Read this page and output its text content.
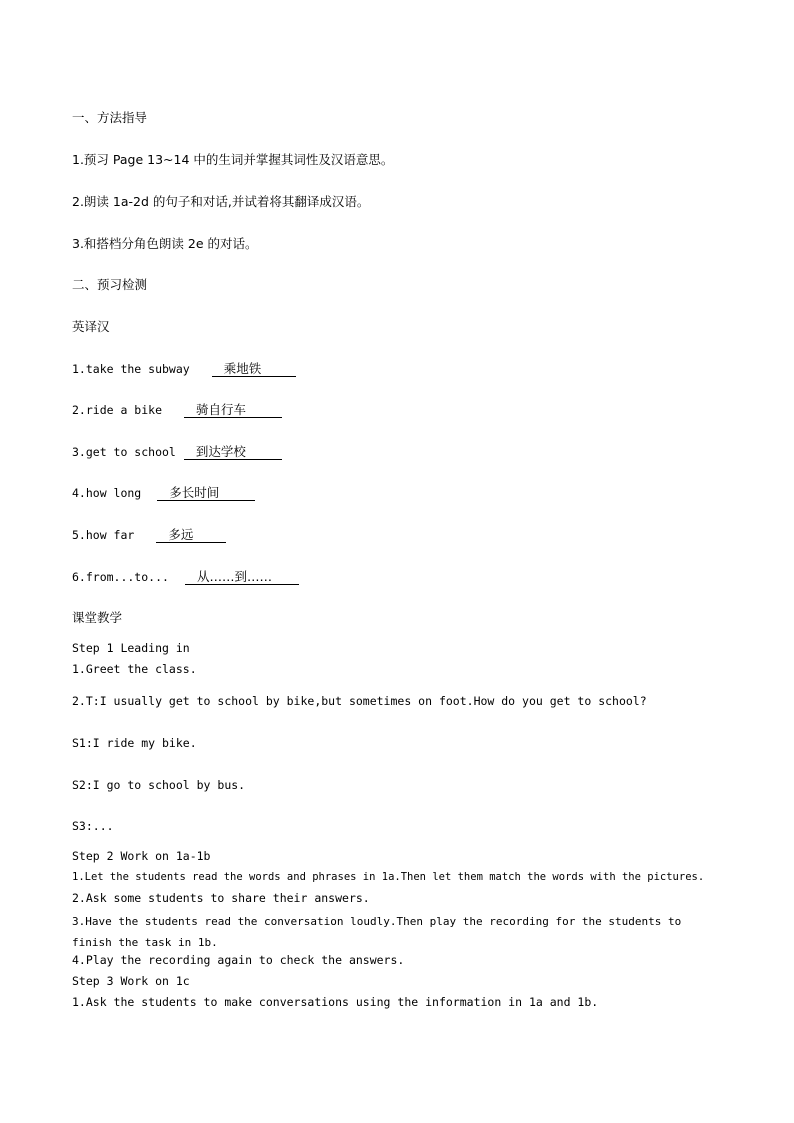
一、方法指导
1.预习 Page 13~14 中的生词并掌握其词性及汉语意思。
2.朗读 1a-2d 的句子和对话,并试着将其翻译成汉语。
3.和搭档分角色朗读 2e 的对话。
二、预习检测
英译汉
1.take the subway	乘地铁
2.ride a bike	骑自行车
3.get to school 到达学校
4.how long 多长时间
5.how far	多远
6.from...to... 从……到……
课堂教学
Step 1 Leading in
1.Greet the class.
2.T:I usually get to school by bike,but sometimes on foot.How do you get to school?
S1:I ride my bike.
S2:I go to school by bus.
S3:...
Step 2 Work on 1a-1b
1.Let the students read the words and phrases in 1a.Then let them match the words with the pictures.
2.Ask some students to share their answers.
3.Have the students read the conversation loudly.Then play the recording for the students to finish the task in 1b.
4.Play the recording again to check the answers.
Step 3 Work on 1c
1.Ask the students to make conversations using the information in 1a and 1b.
